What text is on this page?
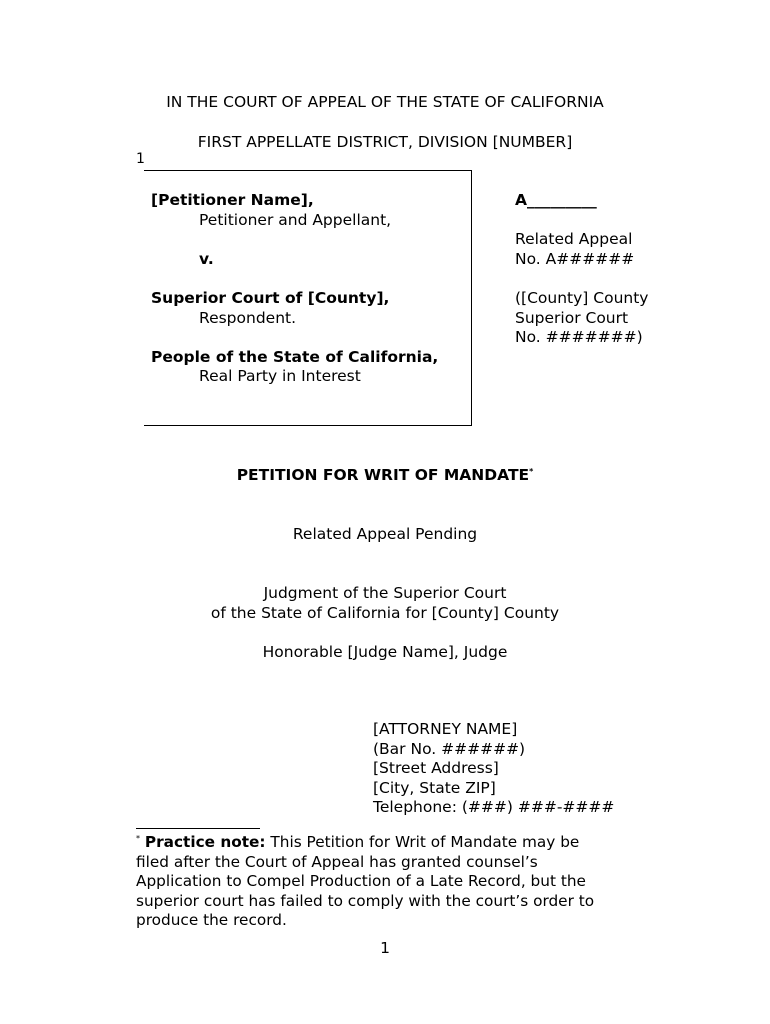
IN THE COURT OF APPEAL OF THE STATE OF CALIFORNIA
FIRST APPELLATE DISTRICT, DIVISION [NUMBER]
1
[Petitioner Name],
Petitioner and Appellant,
v.
Superior Court of [County],
Respondent.
People of the State of California,
Real Party in Interest
A_________
Related Appeal
No. A######
([County] County
Superior Court
No. #######)
PETITION FOR WRIT OF MANDATE*
Related Appeal Pending
Judgment of the Superior Court
of the State of California for [County] County
Honorable [Judge Name], Judge
[ATTORNEY NAME]
(Bar No. ######)
[Street Address]
[City, State ZIP]
Telephone: (###) ###-####
* Practice note: This Petition for Writ of Mandate may be
filed after the Court of Appeal has granted counsel’s
Application to Compel Production of a Late Record, but the
superior court has failed to comply with the court’s order to
produce the record.
1
